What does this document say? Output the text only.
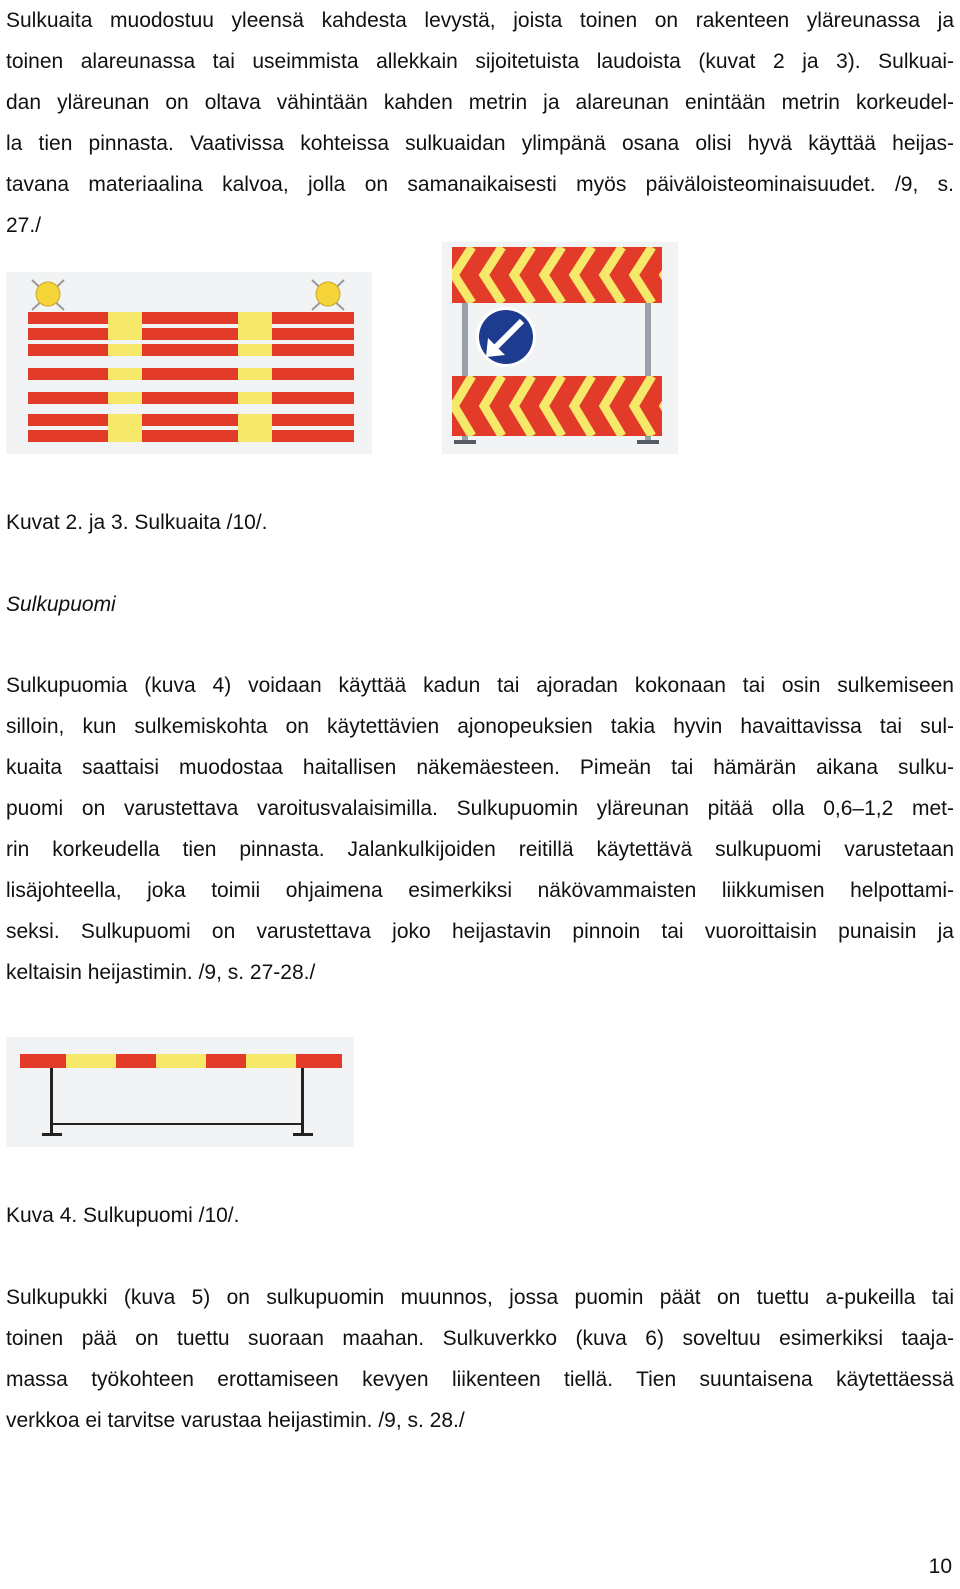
Sulkuaita muodostuu yleensä kahdesta levystä, joista toinen on rakenteen yläreunassa ja
toinen alareunassa tai useimmista allekkain sijoitetuista laudoista (kuvat 2 ja 3). Sulkuai-
dan yläreunan on oltava vähintään kahden metrin ja alareunan enintään metrin korkeudel-
la tien pinnasta. Vaativissa kohteissa sulkuaidan ylimpänä osana olisi hyvä käyttää heijas-
tavana materiaalina kalvoa, jolla on samanaikaisesti myös päiväloisteominaisuudet. /9, s.
27./

Kuvat 2. ja 3. Sulkuaita /10/.

Sulkupuomi
Sulkupuomia (kuva 4) voidaan käyttää kadun tai ajoradan kokonaan tai osin sulkemiseen
silloin, kun sulkemiskohta on käytettävien ajonopeuksien takia hyvin havaittavissa tai sul-
kuaita saattaisi muodostaa haitallisen näkemäesteen. Pimeän tai hämärän aikana sulku-
puomi on varustettava varoitusvalaisimilla. Sulkupuomin yläreunan pitää olla 0,6–1,2 met-
rin korkeudella tien pinnasta. Jalankulkijoiden reitillä käytettävä sulkupuomi varustetaan
lisäjohteella, joka toimii ohjaimena esimerkiksi näkövammaisten liikkumisen helpottami-
seksi. Sulkupuomi on varustettava joko heijastavin pinnoin tai vuoroittaisin punaisin ja
keltaisin heijastimin. /9, s. 27-28./

Kuva 4. Sulkupuomi /10/.

Sulkupukki (kuva 5) on sulkupuomin muunnos, jossa puomin päät on tuettu a-pukeilla tai
toinen pää on tuettu suoraan maahan. Sulkuverkko (kuva 6) soveltuu esimerkiksi taaja-
massa työkohteen erottamiseen kevyen liikenteen tiellä. Tien suuntaisena käytettäessä
verkkoa ei tarvitse varustaa heijastimin. /9, s. 28./
10
